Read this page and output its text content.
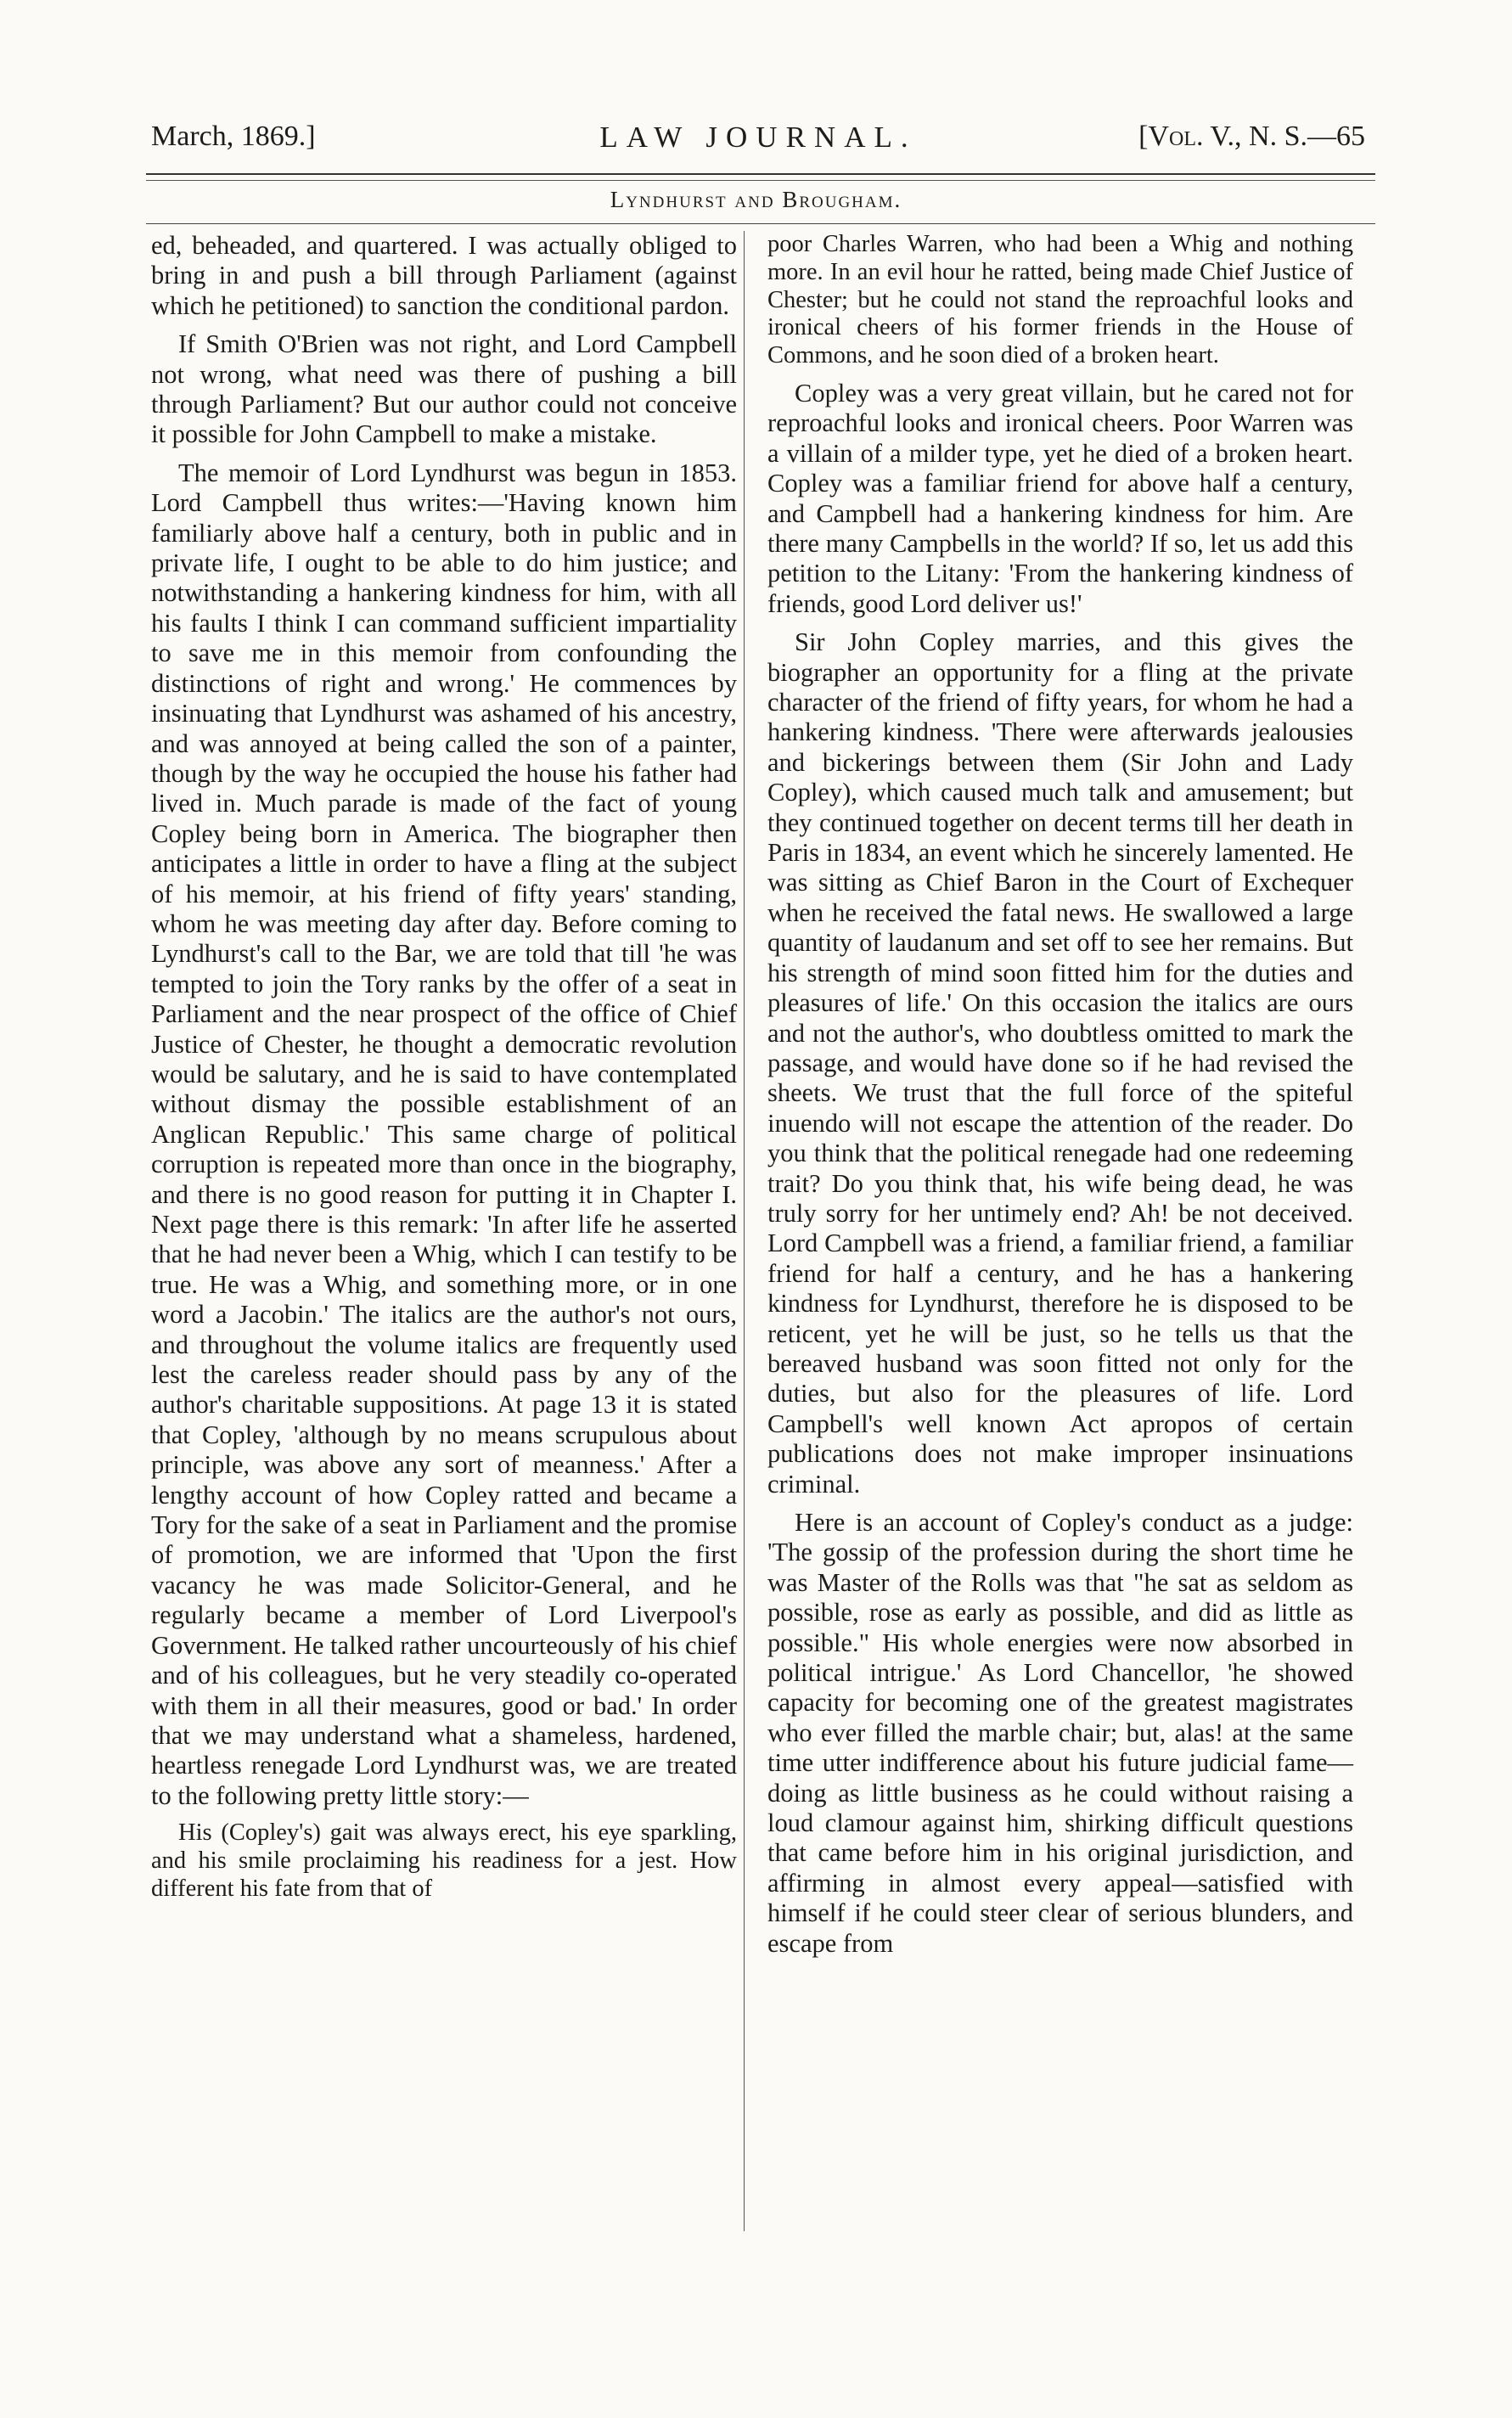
March, 1869.]	LAW JOURNAL.	[Vol. V., N. S.—65
Lyndhurst and Brougham.

ed, beheaded, and quartered. I was actually obliged to bring in and push a bill through Parliament (against which he petitioned) to sanction the conditional pardon.

If Smith O'Brien was not right, and Lord Campbell not wrong, what need was there of pushing a bill through Parliament? But our author could not conceive it possible for John Campbell to make a mistake.

The memoir of Lord Lyndhurst was begun in 1853. Lord Campbell thus writes:—'Having known him familiarly above half a century, both in public and in private life, I ought to be able to do him justice; and notwithstanding a hankering kindness for him, with all his faults I think I can command sufficient impartiality to save me in this memoir from confounding the distinctions of right and wrong.' He commences by insinuating that Lyndhurst was ashamed of his ancestry, and was annoyed at being called the son of a painter, though by the way he occupied the house his father had lived in. Much parade is made of the fact of young Copley being born in America. The biographer then anticipates a little in order to have a fling at the subject of his memoir, at his friend of fifty years' standing, whom he was meeting day after day. Before coming to Lyndhurst's call to the Bar, we are told that till 'he was tempted to join the Tory ranks by the offer of a seat in Parliament and the near prospect of the office of Chief Justice of Chester, he thought a democratic revolution would be salutary, and he is said to have contemplated without dismay the possible establishment of an Anglican Republic.' This same charge of political corruption is repeated more than once in the biography, and there is no good reason for putting it in Chapter I. Next page there is this remark: 'In after life he asserted that he had never been a Whig, which I can testify to be true. He was a Whig, and something more, or in one word a Jacobin.' The italics are the author's not ours, and throughout the volume italics are frequently used lest the careless reader should pass by any of the author's charitable suppositions. At page 13 it is stated that Copley, 'although by no means scrupulous about principle, was above any sort of meanness.' After a lengthy account of how Copley ratted and became a Tory for the sake of a seat in Parliament and the promise of promotion, we are informed that 'Upon the first vacancy he was made Solicitor-General, and he regularly became a member of Lord Liverpool's Government. He talked rather uncourteously of his chief and of his colleagues, but he very steadily co-operated with them in all their measures, good or bad.' In order that we may understand what a shameless, hardened, heartless renegade Lord Lyndhurst was, we are treated to the following pretty little story:—

His (Copley's) gait was always erect, his eye sparkling, and his smile proclaiming his readiness for a jest. How different his fate from that of

poor Charles Warren, who had been a Whig and nothing more. In an evil hour he ratted, being made Chief Justice of Chester; but he could not stand the reproachful looks and ironical cheers of his former friends in the House of Commons, and he soon died of a broken heart.

Copley was a very great villain, but he cared not for reproachful looks and ironical cheers. Poor Warren was a villain of a milder type, yet he died of a broken heart. Copley was a familiar friend for above half a century, and Campbell had a hankering kindness for him. Are there many Campbells in the world? If so, let us add this petition to the Litany: 'From the hankering kindness of friends, good Lord deliver us!'

Sir John Copley marries, and this gives the biographer an opportunity for a fling at the private character of the friend of fifty years, for whom he had a hankering kindness. 'There were afterwards jealousies and bickerings between them (Sir John and Lady Copley), which caused much talk and amusement; but they continued together on decent terms till her death in Paris in 1834, an event which he sincerely lamented. He was sitting as Chief Baron in the Court of Exchequer when he received the fatal news. He swallowed a large quantity of laudanum and set off to see her remains. But his strength of mind soon fitted him for the duties and pleasures of life.' On this occasion the italics are ours and not the author's, who doubtless omitted to mark the passage, and would have done so if he had revised the sheets. We trust that the full force of the spiteful inuendo will not escape the attention of the reader. Do you think that the political renegade had one redeeming trait? Do you think that, his wife being dead, he was truly sorry for her untimely end? Ah! be not deceived. Lord Campbell was a friend, a familiar friend, a familiar friend for half a century, and he has a hankering kindness for Lyndhurst, therefore he is disposed to be reticent, yet he will be just, so he tells us that the bereaved husband was soon fitted not only for the duties, but also for the pleasures of life. Lord Campbell's well known Act apropos of certain publications does not make improper insinuations criminal.

Here is an account of Copley's conduct as a judge: 'The gossip of the profession during the short time he was Master of the Rolls was that "he sat as seldom as possible, rose as early as possible, and did as little as possible." His whole energies were now absorbed in political intrigue.' As Lord Chancellor, 'he showed capacity for becoming one of the greatest magistrates who ever filled the marble chair; but, alas! at the same time utter indifference about his future judicial fame—doing as little business as he could without raising a loud clamour against him, shirking difficult questions that came before him in his original jurisdiction, and affirming in almost every appeal—satisfied with himself if he could steer clear of serious blunders, and escape from
